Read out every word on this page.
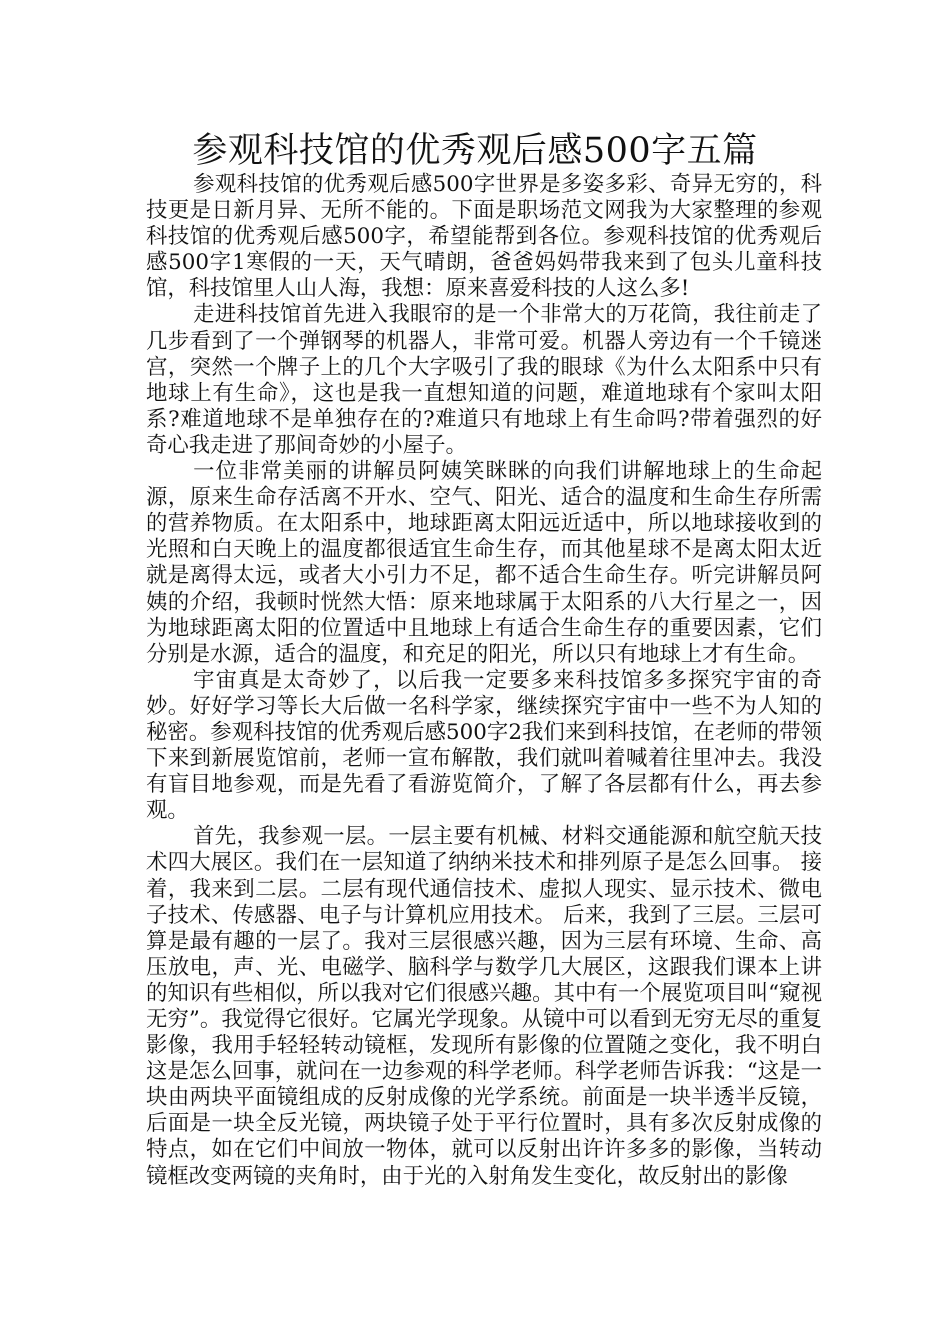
参观科技馆的优秀观后感500字五篇

参观科技馆的优秀观后感500字世界是多姿多彩、奇异无穷的，科技更是日新月异、无所不能的。下面是职场范文网我为大家整理的参观科技馆的优秀观后感500字，希望能帮到各位。参观科技馆的优秀观后感500字1寒假的一天，天气晴朗，爸爸妈妈带我来到了包头儿童科技馆，科技馆里人山人海，我想：原来喜爱科技的人这么多!

走进科技馆首先进入我眼帘的是一个非常大的万花筒，我往前走了几步看到了一个弹钢琴的机器人，非常可爱。机器人旁边有一个千镜迷宫，突然一个牌子上的几个大字吸引了我的眼球《为什么太阳系中只有地球上有生命》，这也是我一直想知道的问题，难道地球有个家叫太阳系?难道地球不是单独存在的?难道只有地球上有生命吗?带着强烈的好奇心我走进了那间奇妙的小屋子。

一位非常美丽的讲解员阿姨笑眯眯的向我们讲解地球上的生命起源，原来生命存活离不开水、空气、阳光、适合的温度和生命生存所需的营养物质。在太阳系中，地球距离太阳远近适中，所以地球接收到的光照和白天晚上的温度都很适宜生命生存，而其他星球不是离太阳太近就是离得太远，或者大小引力不足，都不适合生命生存。听完讲解员阿姨的介绍，我顿时恍然大悟：原来地球属于太阳系的八大行星之一，因为地球距离太阳的位置适中且地球上有适合生命生存的重要因素，它们分别是水源，适合的温度，和充足的阳光，所以只有地球上才有生命。

宇宙真是太奇妙了，以后我一定要多来科技馆多多探究宇宙的奇妙。好好学习等长大后做一名科学家，继续探究宇宙中一些不为人知的秘密。参观科技馆的优秀观后感500字2我们来到科技馆，在老师的带领下来到新展览馆前，老师一宣布解散，我们就叫着喊着往里冲去。我没有盲目地参观，而是先看了看游览简介，了解了各层都有什么，再去参观。

首先，我参观一层。一层主要有机械、材料交通能源和航空航天技术四大展区。我们在一层知道了纳纳米技术和排列原子是怎么回事。 接着，我来到二层。二层有现代通信技术、虚拟人现实、显示技术、微电子技术、传感器、电子与计算机应用技术。 后来，我到了三层。三层可算是最有趣的一层了。我对三层很感兴趣，因为三层有环境、生命、高压放电，声、光、电磁学、脑科学与数学几大展区，这跟我们课本上讲的知识有些相似，所以我对它们很感兴趣。其中有一个展览项目叫“窥视无穷”。我觉得它很好。它属光学现象。从镜中可以看到无穷无尽的重复影像，我用手轻轻转动镜框，发现所有影像的位置随之变化，我不明白这是怎么回事，就问在一边参观的科学老师。科学老师告诉我：“这是一块由两块平面镜组成的反射成像的光学系统。前面是一块半透半反镜，后面是一块全反光镜，两块镜子处于平行位置时，具有多次反射成像的特点，如在它们中间放一物体，就可以反射出许许多多的影像，当转动镜框改变两镜的夹角时，由于光的入射角发生变化，故反射出的影像
